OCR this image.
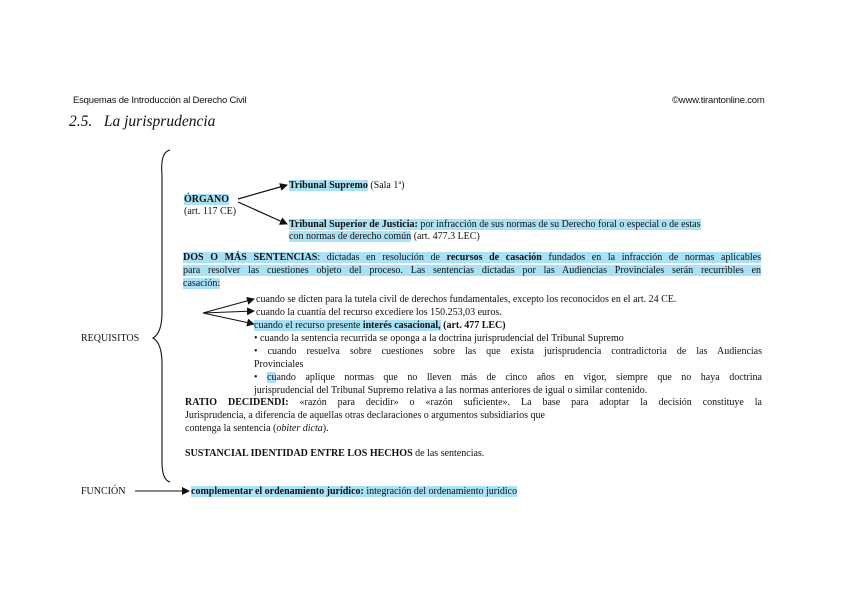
Esquemas de Introducción al Derecho Civil	©www.tirantonline.com
2.5. La jurisprudencia
ÓRGANO
(art. 117 CE)
Tribunal Supremo (Sala 1ª)
Tribunal Superior de Justicia: por infracción de sus normas de su Derecho foral o especial o de estas
con normas de derecho común (art. 477.3 LEC)
DOS O MÁS SENTENCIAS: dictadas en resolución de recursos de casación fundados en la infracción de normas aplicables
para resolver las cuestiones objeto del proceso. Las sentencias dictadas por las Audiencias Provinciales serán recurribles en
casación:
cuando se dicten para la tutela civil de derechos fundamentales, excepto los reconocidos en el art. 24 CE.
cuando la cuantía del recurso excediere los 150.253,03 euros.
cuando el recurso presente interés casacional, (art. 477 LEC)
• cuando la sentencia recurrida se oponga a la doctrina jurisprudencial del Tribunal Supremo
• cuando resuelva sobre cuestiones sobre las que exista jurisprudencia contradictoria de las Audiencias
Provinciales
• cuando aplique normas que no lleven más de cinco años en vigor, siempre que no haya doctrina
jurisprudencial del Tribunal Supremo relativa a las normas anteriores de igual o similar contenido.
RATIO DECIDENDI: «razón para decidir» o «razón suficiente». La base para adoptar la decisión constituye la
Jurisprudencia, a diferencia de aquellas otras declaraciones o argumentos subsidiarios que
contenga la sentencia (obiter dicta).
SUSTANCIAL IDENTIDAD ENTRE LOS HECHOS de las sentencias.
REQUISITOS
FUNCIÓN	complementar el ordenamiento jurídico: integración del ordenamiento jurídico
